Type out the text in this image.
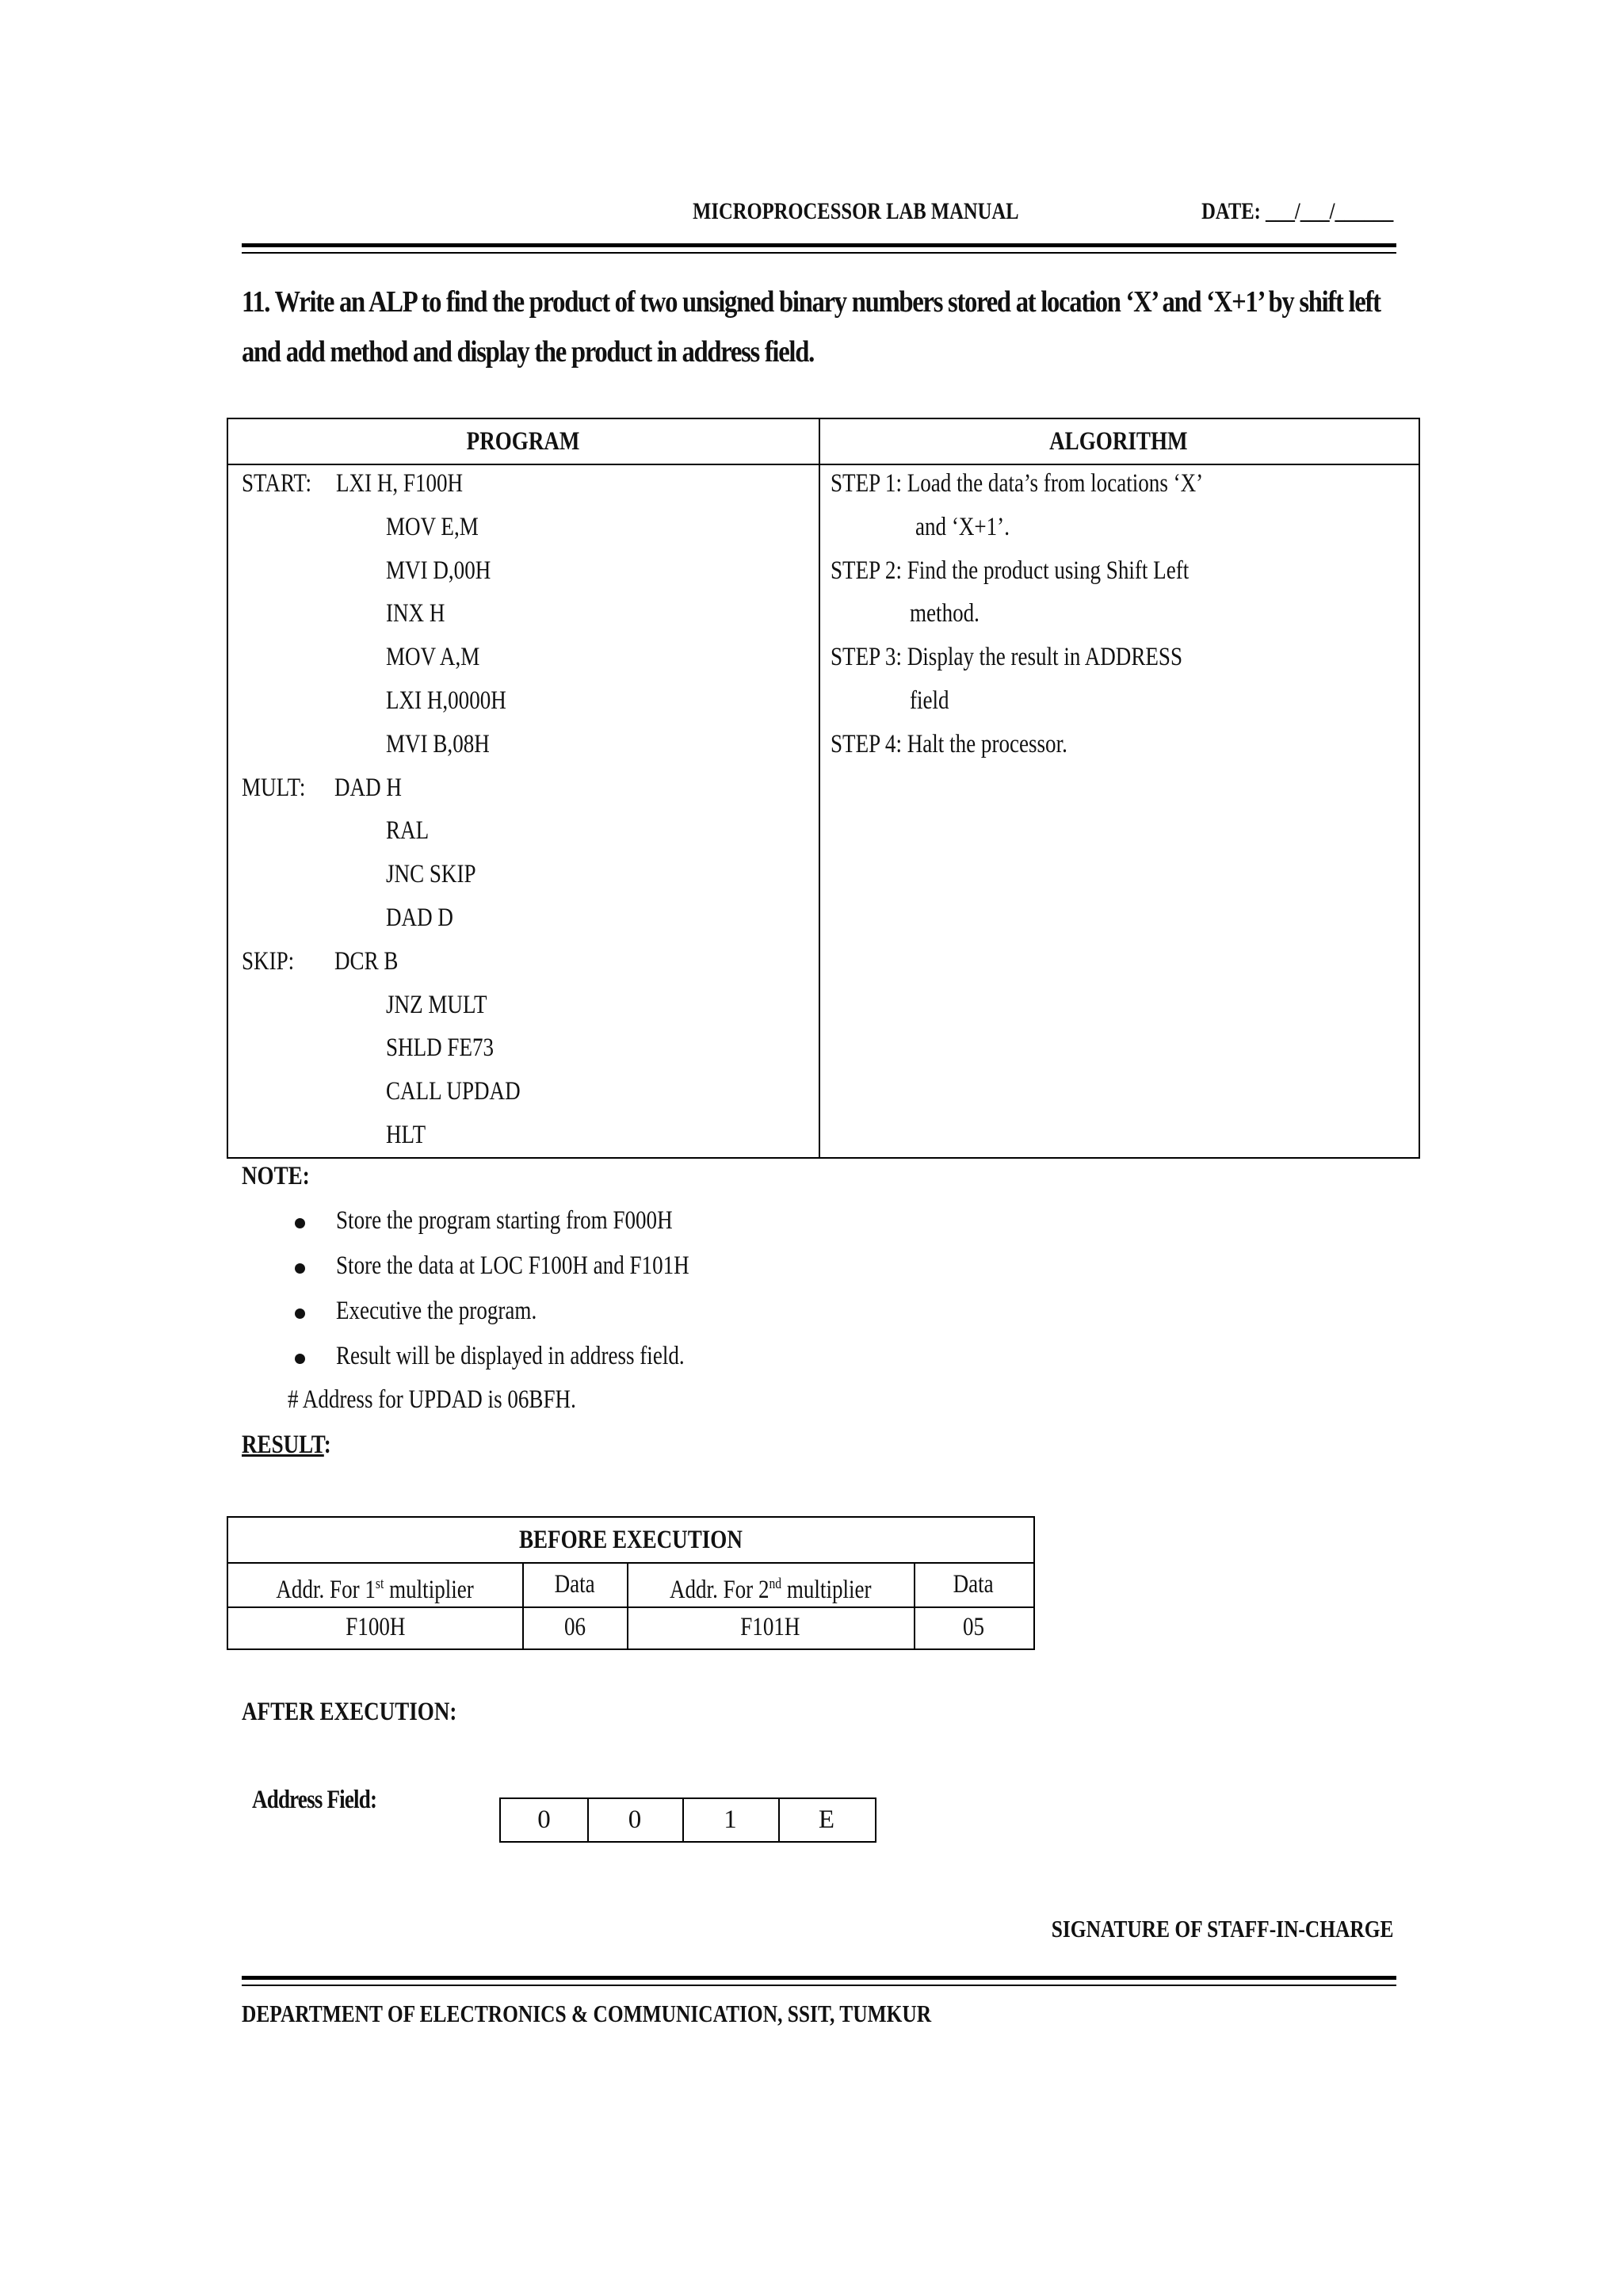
MICROPROCESSOR LAB MANUAL	DATE: ___/___/______
11. Write an ALP to find the product of two unsigned binary numbers stored at location ‘X’ and ‘X+1’ by shift left
and add method and display the product in address field.
PROGRAM	ALGORITHM
START: LXI H, F100H
MOV E,M
MVI D,00H
INX H
MOV A,M
LXI H,0000H
MVI B,08H
MULT:	DAD H
RAL
JNC SKIP
DAD D
SKIP:	DCR B
JNZ MULT
SHLD FE73
CALL UPDAD
HLT
STEP 1: Load the data’s from locations ‘X’
and ‘X+1’.
STEP 2: Find the product using Shift Left
method.
STEP 3: Display the result in ADDRESS
field
STEP 4: Halt the processor.
NOTE:
Store the program starting from F000H
Store the data at LOC F100H and F101H
Executive the program.
Result will be displayed in address field.
# Address for UPDAD is 06BFH.
RESULT:
BEFORE EXECUTION
Addr. For 1st multiplier	Data	Addr. For 2nd multiplier	Data
F100H	06	F101H	05
AFTER EXECUTION:
Address Field:
0	0	1	E
SIGNATURE OF STAFF-IN-CHARGE
DEPARTMENT OF ELECTRONICS & COMMUNICATION, SSIT, TUMKUR
